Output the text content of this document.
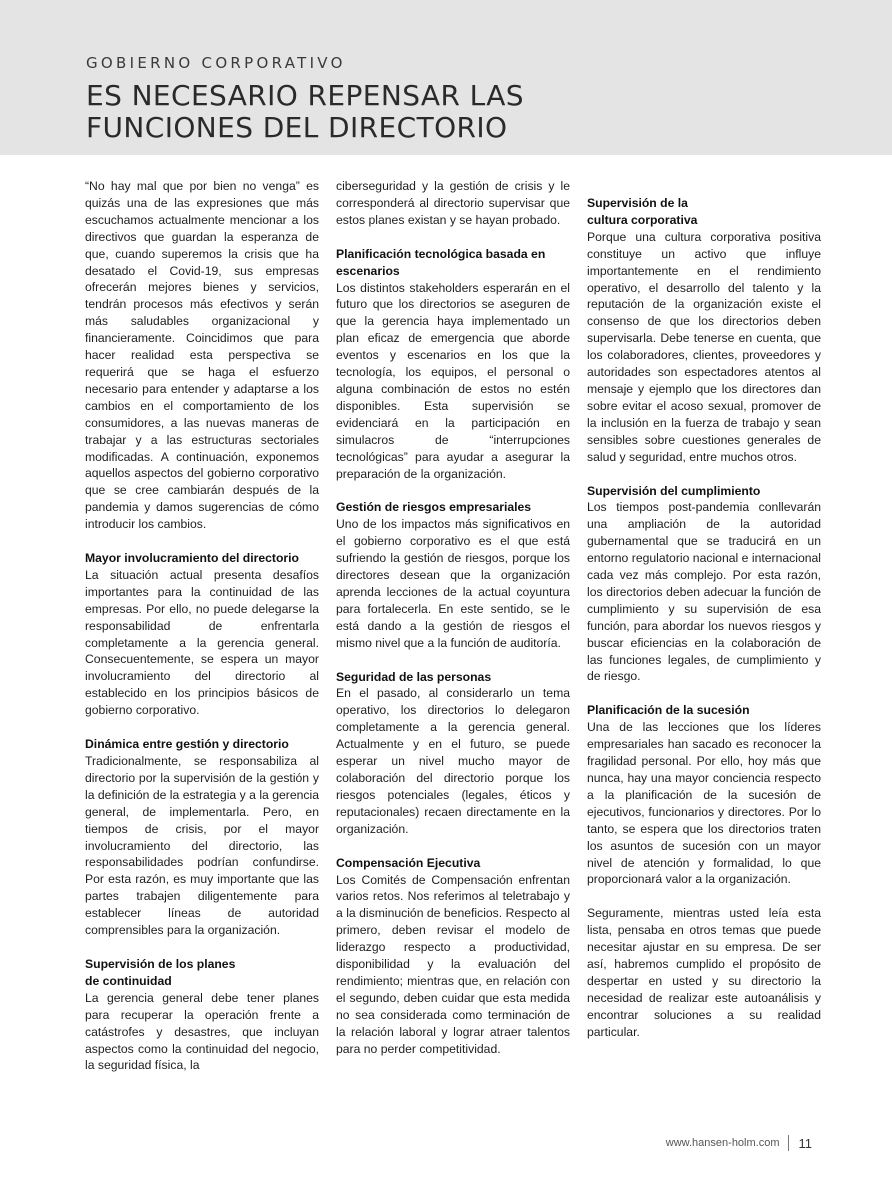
GOBIERNO CORPORATIVO
ES NECESARIO REPENSAR LAS
FUNCIONES DEL DIRECTORIO

“No hay mal que por bien no venga” es quizás una de las expresiones que más escuchamos actualmente mencionar a los directivos que guardan la esperanza de que, cuando superemos la crisis que ha desatado el Covid-19, sus empresas ofrecerán mejores bienes y servicios, tendrán procesos más efectivos y serán más saludables organizacional y financieramente. Coincidimos que para hacer realidad esta perspectiva se requerirá que se haga el esfuerzo necesario para entender y adaptarse a los cambios en el comportamiento de los consumidores, a las nuevas maneras de trabajar y a las estructuras sectoriales modificadas. A continuación, exponemos aquellos aspectos del gobierno corporativo que se cree cambiarán después de la pandemia y damos sugerencias de cómo introducir los cambios.

Mayor involucramiento del directorio

La situación actual presenta desafíos importantes para la continuidad de las empresas. Por ello, no puede delegarse la responsabilidad de enfrentarla completamente a la gerencia general. Consecuentemente, se espera un mayor involucramiento del directorio al establecido en los principios básicos de gobierno corporativo.

Dinámica entre gestión y directorio

Tradicionalmente, se responsabiliza al directorio por la supervisión de la gestión y la definición de la estrategia y a la gerencia general, de implementarla. Pero, en tiempos de crisis, por el mayor involucramiento del directorio, las responsabilidades podrían confundirse. Por esta razón, es muy importante que las partes trabajen diligentemente para establecer líneas de autoridad comprensibles para la organización.

Supervisión de los planes
de continuidad

La gerencia general debe tener planes para recuperar la operación frente a catástrofes y desastres, que incluyan aspectos como la continuidad del negocio, la seguridad física, la

ciberseguridad y la gestión de crisis y le corresponderá al directorio supervisar que estos planes existan y se hayan probado.

Planificación tecnológica basada en escenarios

Los distintos stakeholders esperarán en el futuro que los directorios se aseguren de que la gerencia haya implementado un plan eficaz de emergencia que aborde eventos y escenarios en los que la tecnología, los equipos, el personal o alguna combinación de estos no estén disponibles. Esta supervisión se evidenciará en la participación en simulacros de “interrupciones tecnológicas” para ayudar a asegurar la preparación de la organización.

Gestión de riesgos empresariales

Uno de los impactos más significativos en el gobierno corporativo es el que está sufriendo la gestión de riesgos, porque los directores desean que la organización aprenda lecciones de la actual coyuntura para fortalecerla. En este sentido, se le está dando a la gestión de riesgos el mismo nivel que a la función de auditoría.

Seguridad de las personas

En el pasado, al considerarlo un tema operativo, los directorios lo delegaron completamente a la gerencia general. Actualmente y en el futuro, se puede esperar un nivel mucho mayor de colaboración del directorio porque los riesgos potenciales (legales, éticos y reputacionales) recaen directamente en la organización.

Compensación Ejecutiva

Los Comités de Compensación enfrentan varios retos. Nos referimos al teletrabajo y a la disminución de beneficios. Respecto al primero, deben revisar el modelo de liderazgo respecto a productividad, disponibilidad y la evaluación del rendimiento; mientras que, en relación con el segundo, deben cuidar que esta medida no sea considerada como terminación de la relación laboral y lograr atraer talentos para no perder competitividad.

Supervisión de la
cultura corporativa

Porque una cultura corporativa positiva constituye un activo que influye importantemente en el rendimiento operativo, el desarrollo del talento y la reputación de la organización existe el consenso de que los directorios deben supervisarla. Debe tenerse en cuenta, que los colaboradores, clientes, proveedores y autoridades son espectadores atentos al mensaje y ejemplo que los directores dan sobre evitar el acoso sexual, promover de la inclusión en la fuerza de trabajo y sean sensibles sobre cuestiones generales de salud y seguridad, entre muchos otros.

Supervisión del cumplimiento

Los tiempos post-pandemia conllevarán una ampliación de la autoridad gubernamental que se traducirá en un entorno regulatorio nacional e internacional cada vez más complejo. Por esta razón, los directorios deben adecuar la función de cumplimiento y su supervisión de esa función, para abordar los nuevos riesgos y buscar eficiencias en la colaboración de las funciones legales, de cumplimiento y de riesgo.

Planificación de la sucesión

Una de las lecciones que los líderes empresariales han sacado es reconocer la fragilidad personal. Por ello, hoy más que nunca, hay una mayor conciencia respecto a la planificación de la sucesión de ejecutivos, funcionarios y directores. Por lo tanto, se espera que los directorios traten los asuntos de sucesión con un mayor nivel de atención y formalidad, lo que proporcionará valor a la organización.

Seguramente, mientras usted leía esta lista, pensaba en otros temas que puede necesitar ajustar en su empresa. De ser así, habremos cumplido el propósito de despertar en usted y su directorio la necesidad de realizar este autoanálisis y encontrar soluciones a su realidad particular.

www.hansen-holm.com 11
